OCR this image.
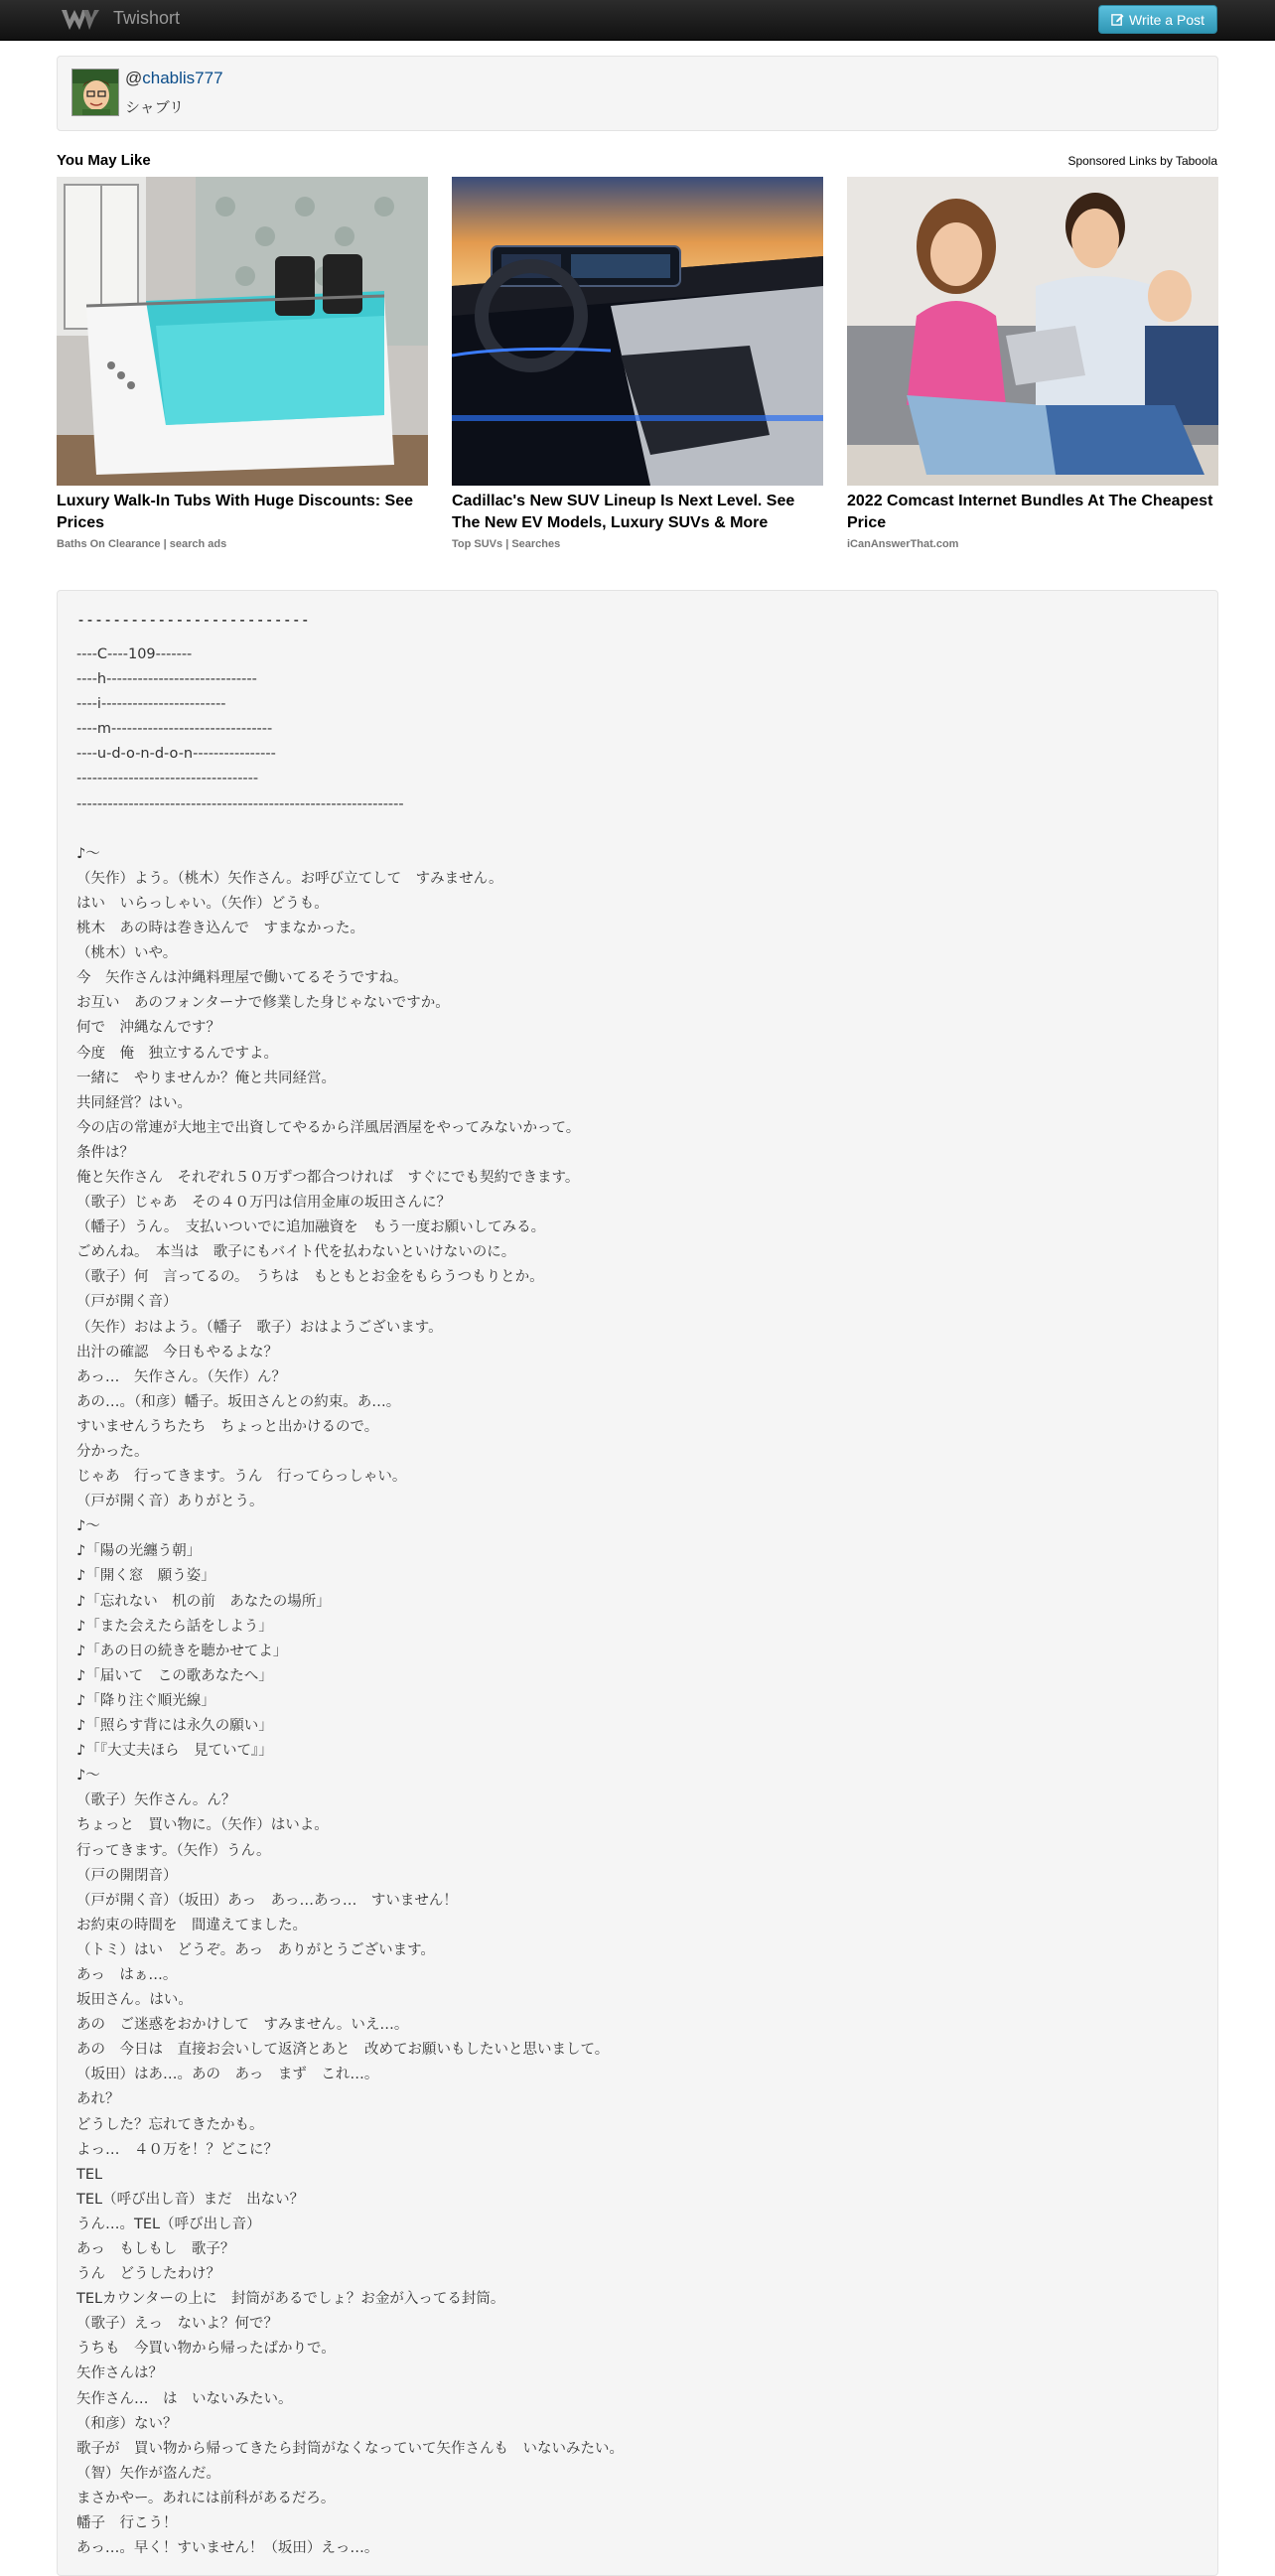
Twishort	Write a Post
@chablis777
シャブリ
You May Like	Sponsored Links by Taboola
Luxury Walk-In Tubs With Huge Discounts: See Prices
Baths On Clearance | search ads
Cadillac's New SUV Lineup Is Next Level. See The New EV Models, Luxury SUVs & More
Top SUVs | Searches
2022 Comcast Internet Bundles At The Cheapest Price
iCanAnswerThat.com
--------------------------
----C----109-------
----h-----------------------------
----i------------------------
----m-------------------------------
----u-d-o-n-d-o-n----------------
-----------------------------------
---------------------------------------------------------------

♪～
（矢作）よう。（桃木）矢作さん。お呼び立てして　すみません。
はい　いらっしゃい。（矢作）どうも。
桃木　あの時は巻き込んで　すまなかった。
（桃木）いや。
今　矢作さんは沖縄料理屋で働いてるそうですね。
お互い　あのフォンターナで修業した身じゃないですか。
何で　沖縄なんです？
今度　俺　独立するんですよ。
一緒に　やりませんか？俺と共同経営。
共同経営？はい。
今の店の常連が大地主で出資してやるから洋風居酒屋をやってみないかって。
条件は？
俺と矢作さん　それぞれ５０万ずつ都合つければ　すぐにでも契約できます。
（歌子）じゃあ　その４０万円は信用金庫の坂田さんに？
（幡子）うん。　支払いついでに追加融資を　もう一度お願いしてみる。
ごめんね。　本当は　歌子にもバイト代を払わないといけないのに。
（歌子）何　言ってるの。　うちは　もともとお金をもらうつもりとか。
（戸が開く音）
（矢作）おはよう。（幡子　歌子）おはようございます。
出汁の確認　今日もやるよな？
あっ…　矢作さん。（矢作）ん？
あの…。（和彦）幡子。坂田さんとの約束。あ…。
すいませんうちたち　ちょっと出かけるので。
分かった。
じゃあ　行ってきます。うん　行ってらっしゃい。
（戸が開く音）ありがとう。
♪～
♪「陽の光纏う朝」
♪「開く窓　願う姿」
♪「忘れない　机の前　あなたの場所」
♪「また会えたら話をしよう」
♪「あの日の続きを聴かせてよ」
♪「届いて　この歌あなたへ」
♪「降り注ぐ順光線」
♪「照らす背には永久の願い」
♪「『大丈夫ほら　見ていて』」
♪～
（歌子）矢作さん。ん？
ちょっと　買い物に。（矢作）はいよ。
行ってきます。（矢作）うん。
（戸の開閉音）
（戸が開く音）（坂田）あっ　あっ…あっ…　すいません！
お約束の時間を　間違えてました。
（トミ）はい　どうぞ。あっ　ありがとうございます。
あっ　はぁ…。
坂田さん。はい。
あの　ご迷惑をおかけして　すみません。いえ…。
あの　今日は　直接お会いして返済とあと　改めてお願いもしたいと思いまして。
（坂田）はあ…。あの　あっ　まず　これ…。
あれ？
どうした？忘れてきたかも。
よっ…　４０万を！？どこに？
TEL
TEL（呼び出し音）まだ　出ない？
うん…。TEL（呼び出し音）
あっ　もしもし　歌子？
うん　どうしたわけ？
TELカウンターの上に　封筒があるでしょ？お金が入ってる封筒。
（歌子）えっ　ないよ？何で？
うちも　今買い物から帰ったばかりで。
矢作さんは？
矢作さん…　は　いないみたい。
（和彦）ない？
歌子が　買い物から帰ってきたら封筒がなくなっていて矢作さんも　いないみたい。
（智）矢作が盗んだ。
まさかやー。あれには前科があるだろ。
幡子　行こう！
あっ…。早く！すいません！（坂田）えっ…。
